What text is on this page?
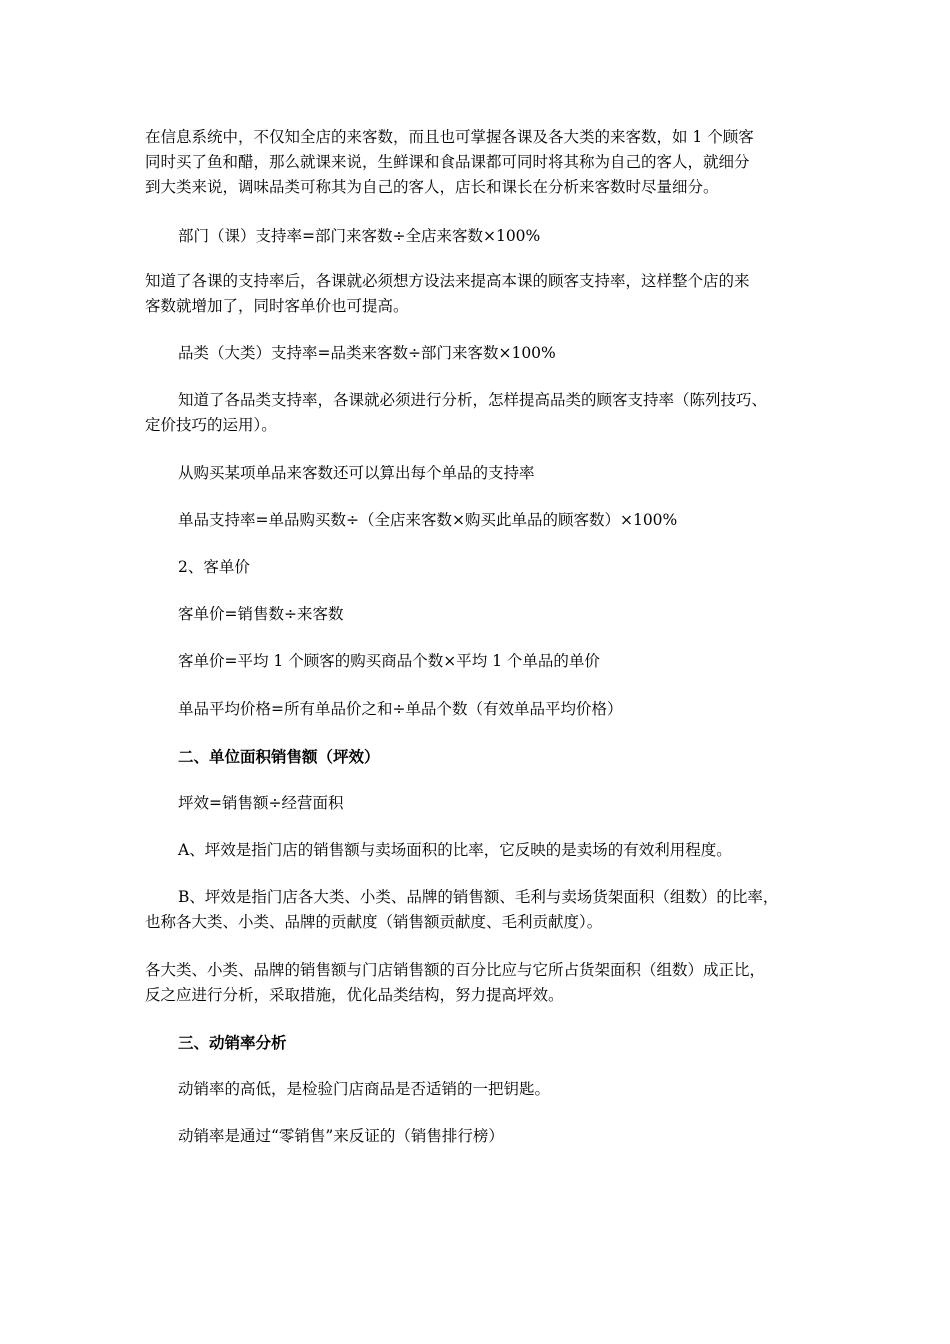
在信息系统中，不仅知全店的来客数，而且也可掌握各课及各大类的来客数，如 1 个顾客
同时买了鱼和醋，那么就课来说，生鲜课和食品课都可同时将其称为自己的客人，就细分
到大类来说，调味品类可称其为自己的客人，店长和课长在分析来客数时尽量细分。

部门（课）支持率=部门来客数÷全店来客数×100%

知道了各课的支持率后，各课就必须想方设法来提高本课的顾客支持率，这样整个店的来
客数就增加了，同时客单价也可提高。

品类（大类）支持率=品类来客数÷部门来客数×100%

知道了各品类支持率，各课就必须进行分析，怎样提高品类的顾客支持率（陈列技巧、
定价技巧的运用）。

从购买某项单品来客数还可以算出每个单品的支持率

单品支持率=单品购买数÷（全店来客数×购买此单品的顾客数）×100%

2、客单价

客单价=销售数÷来客数

客单价=平均 1 个顾客的购买商品个数×平均 1 个单品的单价

单品平均价格=所有单品价之和÷单品个数（有效单品平均价格）

二、单位面积销售额（坪效）

坪效=销售额÷经营面积

A、坪效是指门店的销售额与卖场面积的比率，它反映的是卖场的有效利用程度。

B、坪效是指门店各大类、小类、品牌的销售额、毛利与卖场货架面积（组数）的比率，
也称各大类、小类、品牌的贡献度（销售额贡献度、毛利贡献度）。

各大类、小类、品牌的销售额与门店销售额的百分比应与它所占货架面积（组数）成正比，
反之应进行分析，采取措施，优化品类结构，努力提高坪效。

三、动销率分析

动销率的高低，是检验门店商品是否适销的一把钥匙。

动销率是通过“零销售”来反证的（销售排行榜）
